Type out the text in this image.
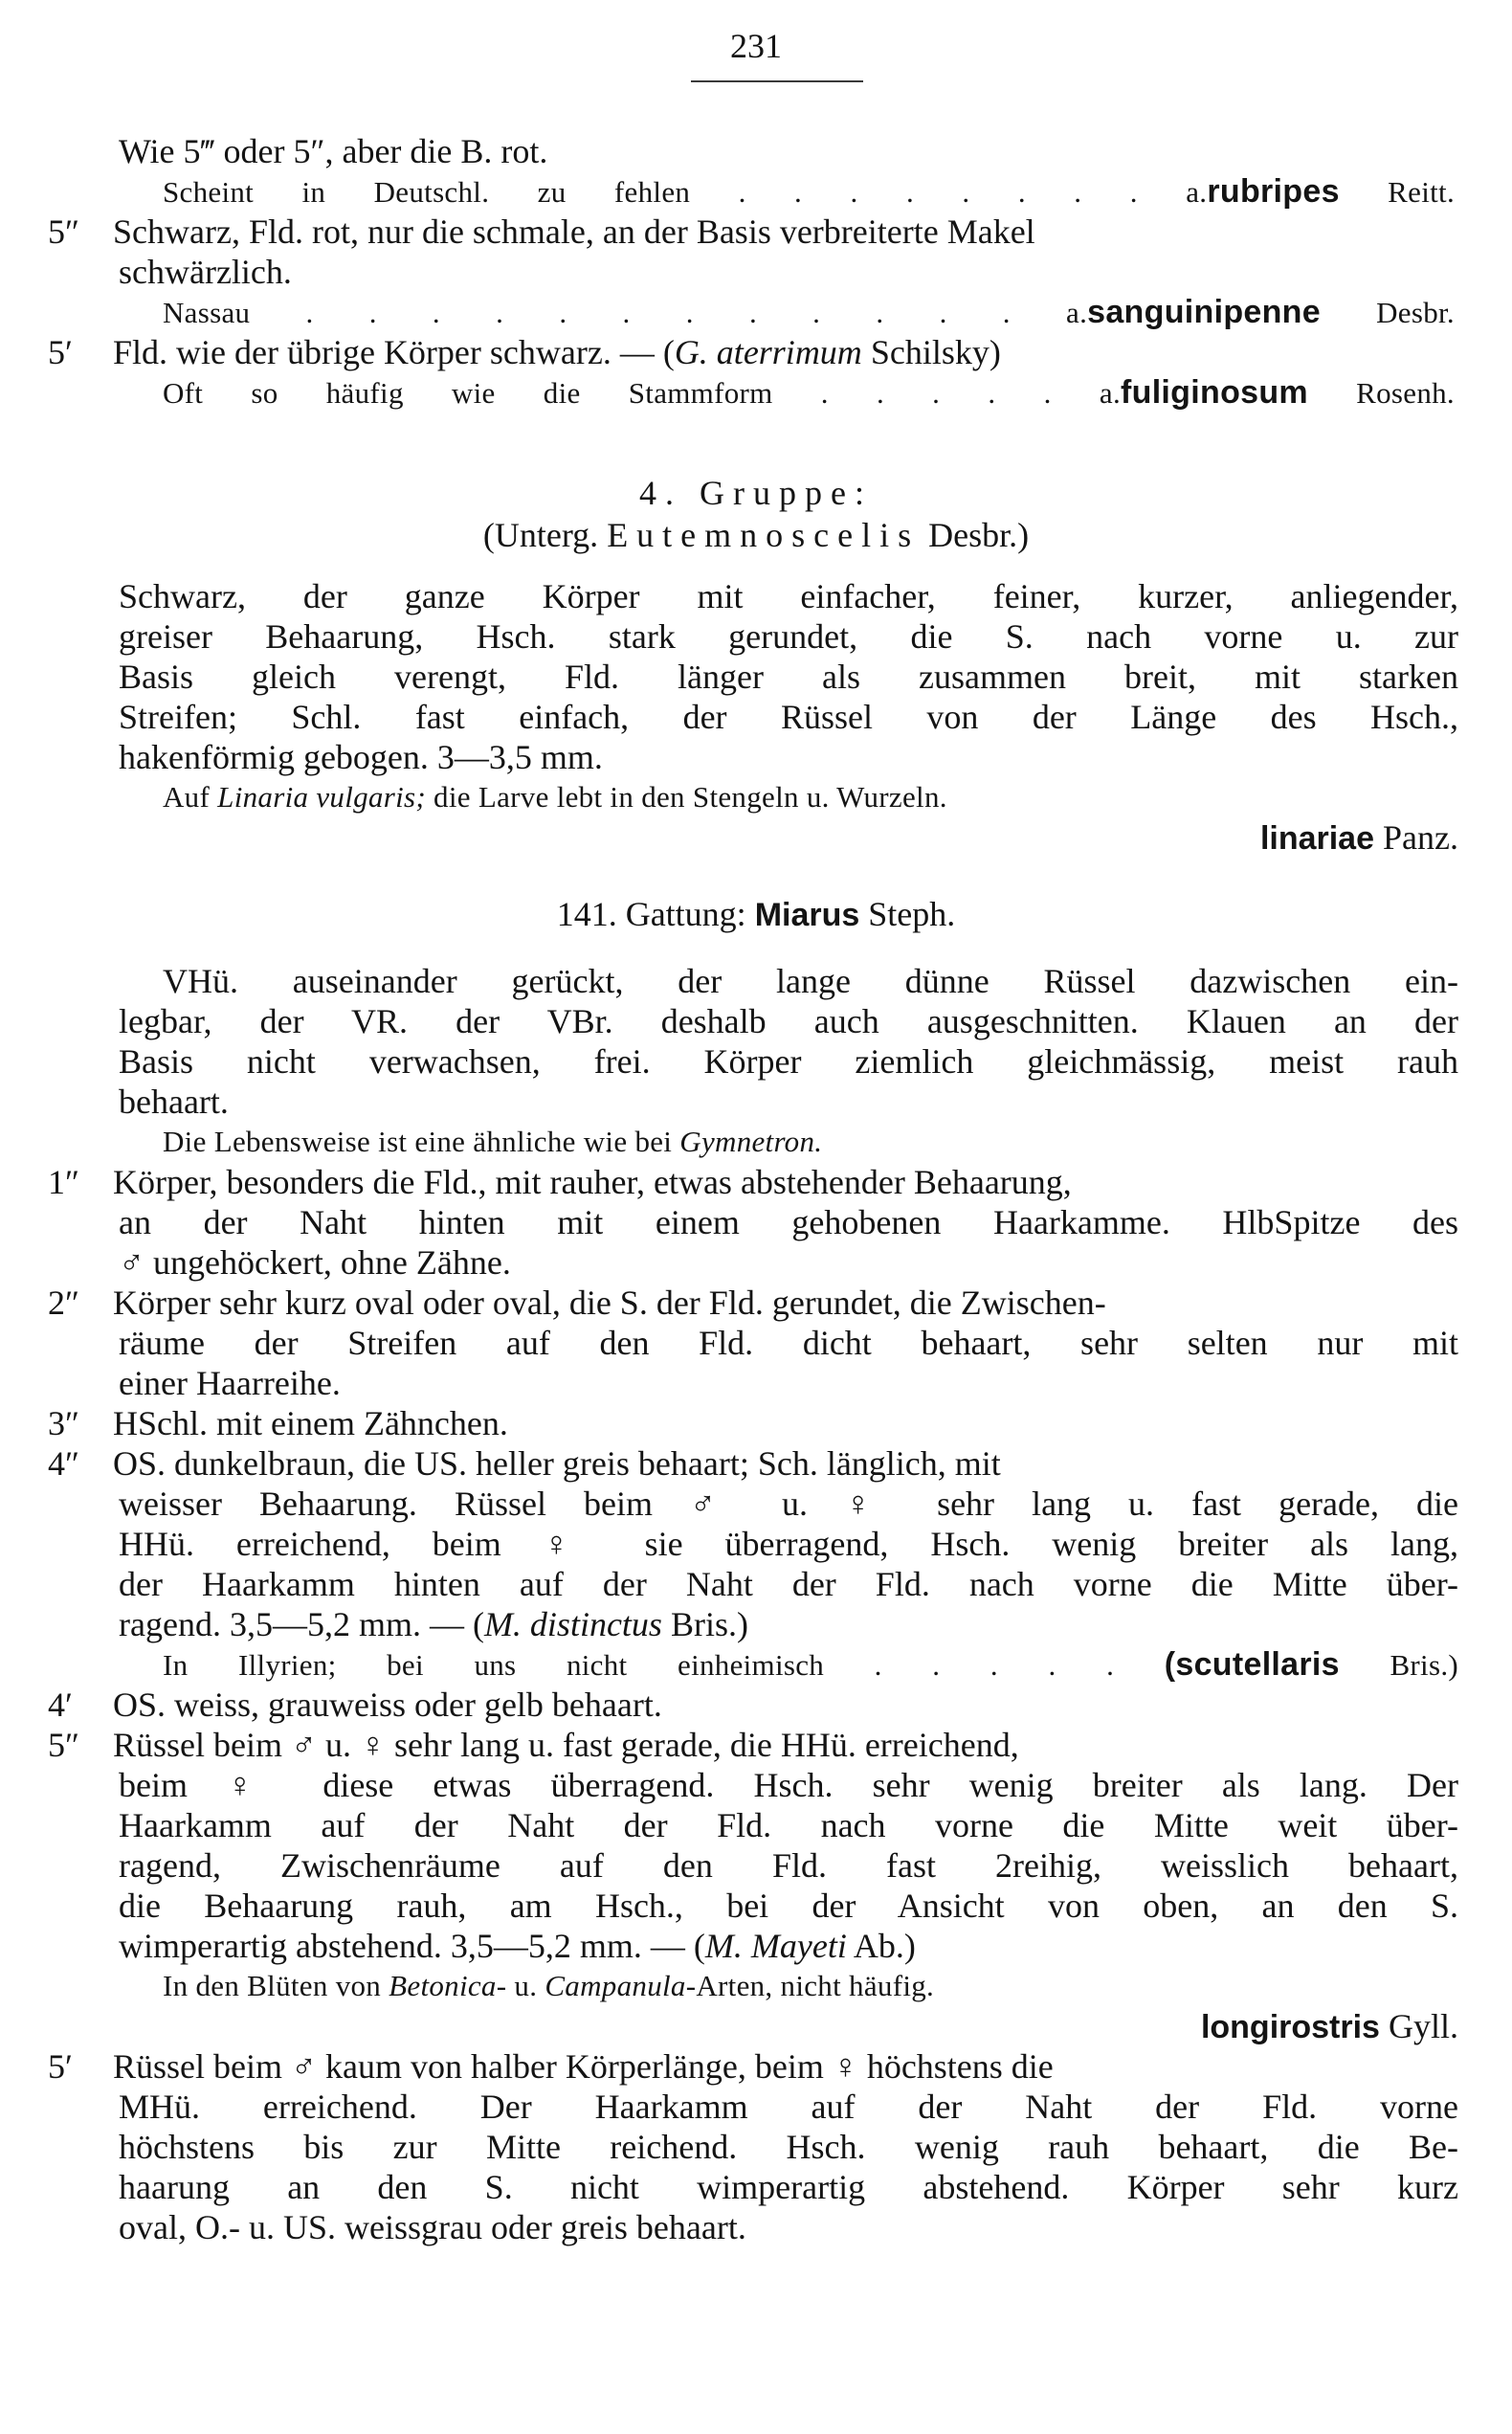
231
Wie 5‴ oder 5″, aber die B. rot.
Scheint in Deutschl. zu fehlen . . . . . . . . a.rubripes Reitt.
5″ Schwarz, Fld. rot, nur die schmale, an der Basis verbreiterte Makel
schwärzlich.
Nassau . . . . . . . . . . . . a.sanguinipenne Desbr.
5′ Fld. wie der übrige Körper schwarz. — (G. aterrimum Schilsky)
Oft so häufig wie die Stammform . . . . . a.fuliginosum Rosenh.
4. Gruppe:
(Unterg. Eutemnoscelis Desbr.)
Schwarz, der ganze Körper mit einfacher, feiner, kurzer, anliegender,
greiser Behaarung, Hsch. stark gerundet, die S. nach vorne u. zur
Basis gleich verengt, Fld. länger als zusammen breit, mit starken
Streifen; Schl. fast einfach, der Rüssel von der Länge des Hsch.,
hakenförmig gebogen. 3—3,5 mm.
Auf Linaria vulgaris; die Larve lebt in den Stengeln u. Wurzeln.
linariae Panz.
141. Gattung: Miarus Steph.
VHü. auseinander gerückt, der lange dünne Rüssel dazwischen ein-
legbar, der VR. der VBr. deshalb auch ausgeschnitten. Klauen an der
Basis nicht verwachsen, frei. Körper ziemlich gleichmässig, meist rauh
behaart.
Die Lebensweise ist eine ähnliche wie bei Gymnetron.
1″ Körper, besonders die Fld., mit rauher, etwas abstehender Behaarung,
an der Naht hinten mit einem gehobenen Haarkamme. HlbSpitze des
♂ ungehöckert, ohne Zähne.
2″ Körper sehr kurz oval oder oval, die S. der Fld. gerundet, die Zwischen-
räume der Streifen auf den Fld. dicht behaart, sehr selten nur mit
einer Haarreihe.
3″ HSchl. mit einem Zähnchen.
4″ OS. dunkelbraun, die US. heller greis behaart; Sch. länglich, mit
weisser Behaarung. Rüssel beim ♂ u. ♀ sehr lang u. fast gerade, die
HHü. erreichend, beim ♀ sie überragend, Hsch. wenig breiter als lang,
der Haarkamm hinten auf der Naht der Fld. nach vorne die Mitte über-
ragend. 3,5—5,2 mm. — (M. distinctus Bris.)
In Illyrien; bei uns nicht einheimisch . . . . . (scutellaris Bris.)
4′ OS. weiss, grauweiss oder gelb behaart.
5″ Rüssel beim ♂ u. ♀ sehr lang u. fast gerade, die HHü. erreichend,
beim ♀ diese etwas überragend. Hsch. sehr wenig breiter als lang. Der
Haarkamm auf der Naht der Fld. nach vorne die Mitte weit über-
ragend, Zwischenräume auf den Fld. fast 2reihig, weisslich behaart,
die Behaarung rauh, am Hsch., bei der Ansicht von oben, an den S.
wimperartig abstehend. 3,5—5,2 mm. — (M. Mayeti Ab.)
In den Blüten von Betonica- u. Campanula-Arten, nicht häufig.
longirostris Gyll.
5′ Rüssel beim ♂ kaum von halber Körperlänge, beim ♀ höchstens die
MHü. erreichend. Der Haarkamm auf der Naht der Fld. vorne
höchstens bis zur Mitte reichend. Hsch. wenig rauh behaart, die Be-
haarung an den S. nicht wimperartig abstehend. Körper sehr kurz
oval, O.- u. US. weissgrau oder greis behaart.
